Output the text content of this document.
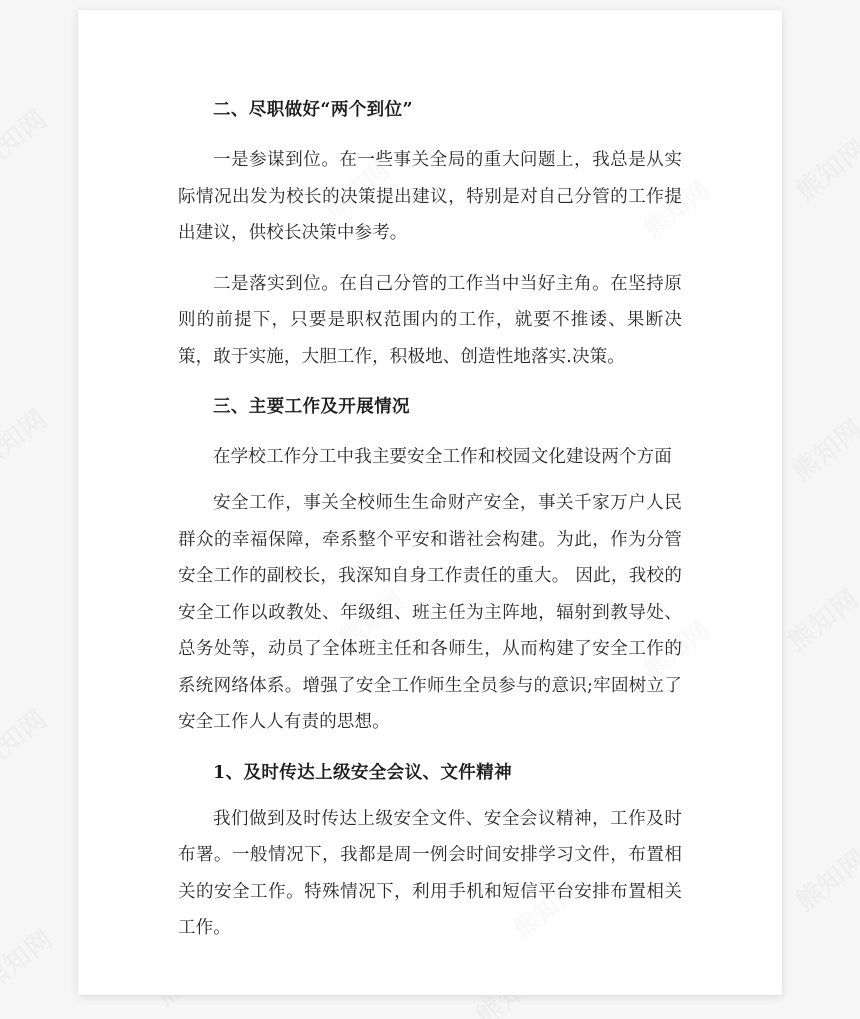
二、尽职做好“两个到位”

一是参谋到位。在一些事关全局的重大问题上，我总是从实际情况出发为校长的决策提出建议，特别是对自己分管的工作提出建议，供校长决策中参考。

二是落实到位。在自己分管的工作当中当好主角。在坚持原则的前提下，只要是职权范围内的工作，就要不推诿、果断决策，敢于实施，大胆工作，积极地、创造性地落实.决策。

三、主要工作及开展情况

在学校工作分工中我主要安全工作和校园文化建设两个方面

安全工作，事关全校师生生命财产安全，事关千家万户人民群众的幸福保障，牵系整个平安和谐社会构建。为此，作为分管安全工作的副校长，我深知自身工作责任的重大。 因此，我校的安全工作以政教处、年级组、班主任为主阵地，辐射到教导处、总务处等，动员了全体班主任和各师生，从而构建了安全工作的系统网络体系。增强了安全工作师生全员参与的意识;牢固树立了安全工作人人有责的思想。

1、及时传达上级安全会议、文件精神

我们做到及时传达上级安全文件、安全会议精神，工作及时布署。一般情况下，我都是周一例会时间安排学习文件，布置相关的安全工作。特殊情况下，利用手机和短信平台安排布置相关工作。
